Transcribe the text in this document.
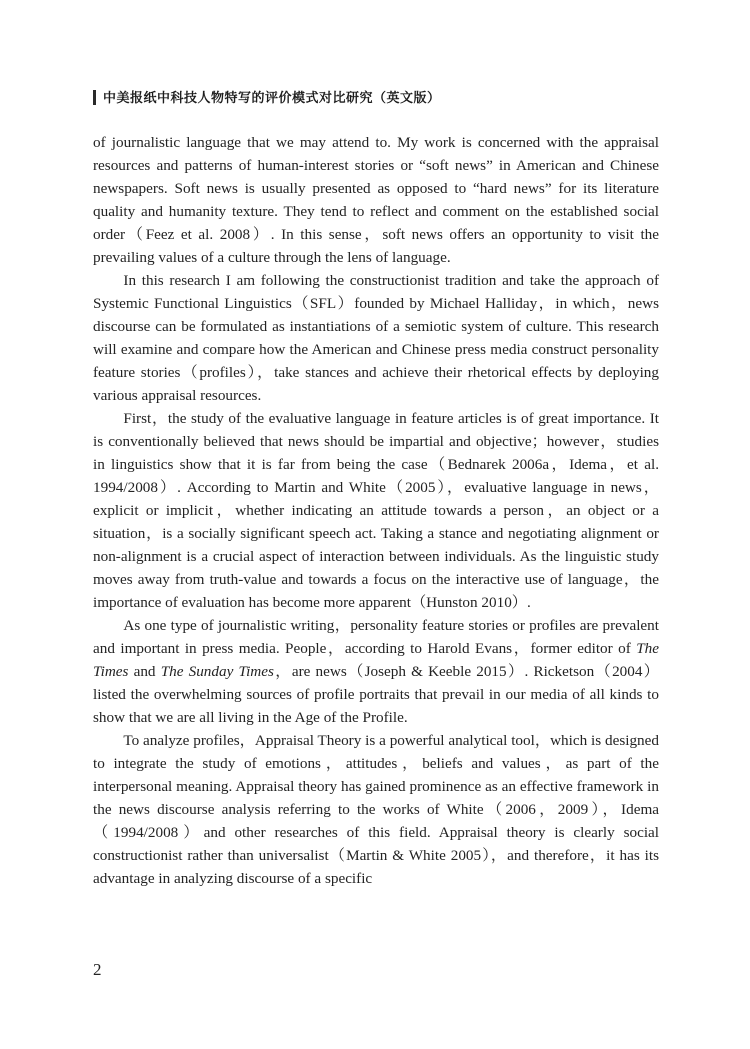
中美报纸中科技人物特写的评价模式对比研究（英文版）

of journalistic language that we may attend to. My work is concerned with the appraisal resources and patterns of human-interest stories or “soft news” in American and Chinese newspapers. Soft news is usually presented as opposed to “hard news” for its literature quality and humanity texture. They tend to reflect and comment on the established social order（Feez et al. 2008）. In this sense，soft news offers an opportunity to visit the prevailing values of a culture through the lens of language.

In this research I am following the constructionist tradition and take the approach of Systemic Functional Linguistics（SFL）founded by Michael Halliday，in which，news discourse can be formulated as instantiations of a semiotic system of culture. This research will examine and compare how the American and Chinese press media construct personality feature stories（profiles），take stances and achieve their rhetorical effects by deploying various appraisal resources.

First，the study of the evaluative language in feature articles is of great importance. It is conventionally believed that news should be impartial and objective；however，studies in linguistics show that it is far from being the case（Bednarek 2006a，Idema，et al. 1994/2008）. According to Martin and White（2005），evaluative language in news，explicit or implicit，whether indicating an attitude towards a person，an object or a situation，is a socially significant speech act. Taking a stance and negotiating alignment or non-alignment is a crucial aspect of interaction between individuals. As the linguistic study moves away from truth-value and towards a focus on the interactive use of language，the importance of evaluation has become more apparent（Hunston 2010）.

As one type of journalistic writing，personality feature stories or profiles are prevalent and important in press media. People，according to Harold Evans，former editor of The Times and The Sunday Times，are news（Joseph & Keeble 2015）. Ricketson（2004）listed the overwhelming sources of profile portraits that prevail in our media of all kinds to show that we are all living in the Age of the Profile.

To analyze profiles，Appraisal Theory is a powerful analytical tool，which is designed to integrate the study of emotions，attitudes，beliefs and values，as part of the interpersonal meaning. Appraisal theory has gained prominence as an effective framework in the news discourse analysis referring to the works of White（2006，2009），Idema（1994/2008）and other researches of this field. Appraisal theory is clearly social constructionist rather than universalist（Martin & White 2005），and therefore，it has its advantage in analyzing discourse of a specific

2
